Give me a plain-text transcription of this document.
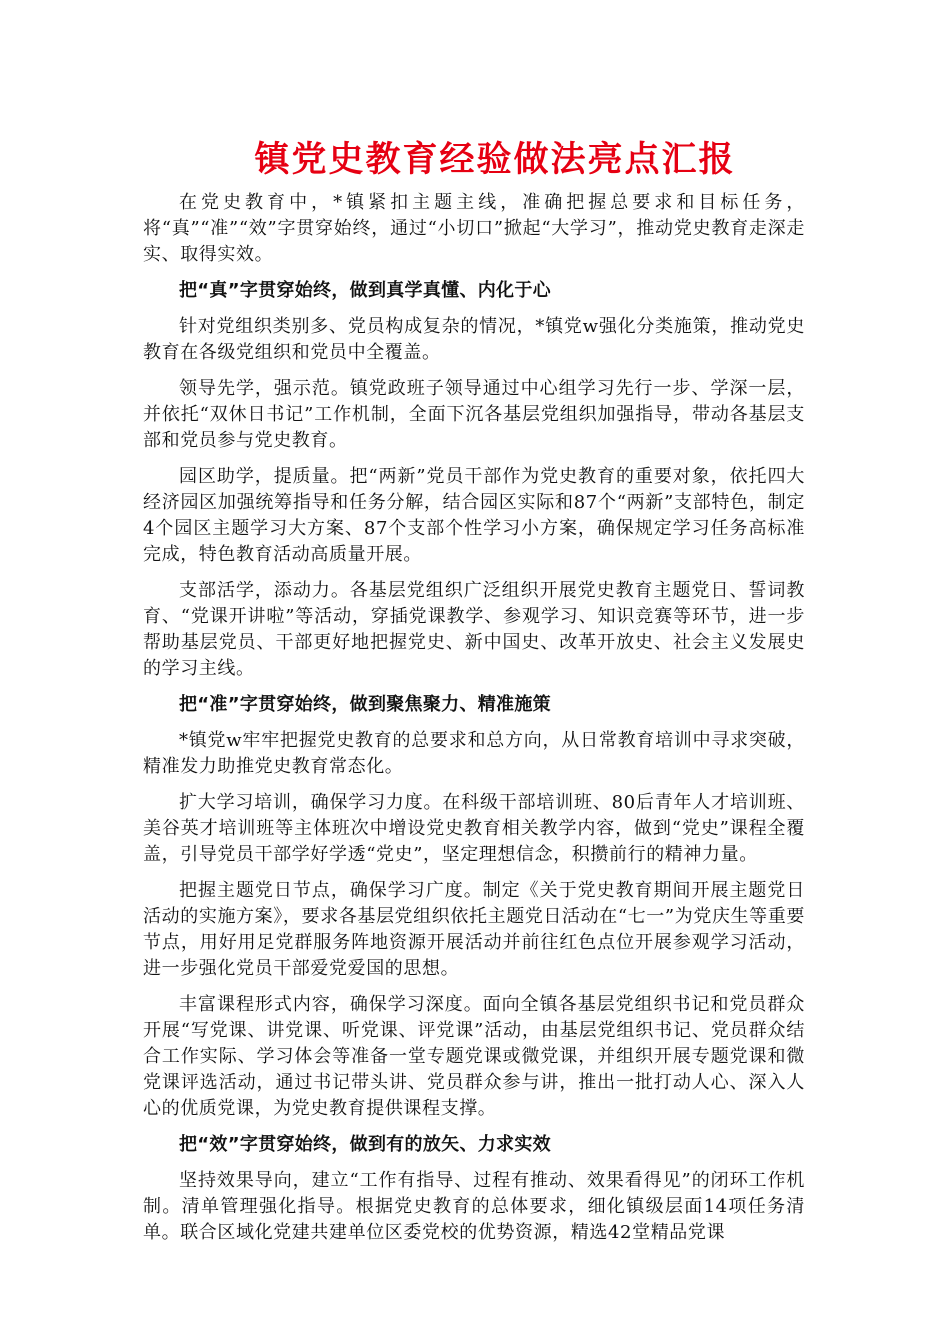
镇党史教育经验做法亮点汇报

在党史教育中，*镇紧扣主题主线，准确把握总要求和目标任务，将“真”“准”“效”字贯穿始终，通过“小切口”掀起“大学习”，推动党史教育走深走实、取得实效。

把“真”字贯穿始终，做到真学真懂、内化于心

针对党组织类别多、党员构成复杂的情况，*镇党w强化分类施策，推动党史教育在各级党组织和党员中全覆盖。

领导先学，强示范。镇党政班子领导通过中心组学习先行一步、学深一层，并依托“双休日书记”工作机制，全面下沉各基层党组织加强指导，带动各基层支部和党员参与党史教育。

园区助学，提质量。把“两新”党员干部作为党史教育的重要对象，依托四大经济园区加强统筹指导和任务分解，结合园区实际和87个“两新”支部特色，制定4个园区主题学习大方案、87个支部个性学习小方案，确保规定学习任务高标准完成，特色教育活动高质量开展。

支部活学，添动力。各基层党组织广泛组织开展党史教育主题党日、誓词教育、“党课开讲啦”等活动，穿插党课教学、参观学习、知识竞赛等环节，进一步帮助基层党员、干部更好地把握党史、新中国史、改革开放史、社会主义发展史的学习主线。

把“准”字贯穿始终，做到聚焦聚力、精准施策

*镇党w牢牢把握党史教育的总要求和总方向，从日常教育培训中寻求突破，精准发力助推党史教育常态化。

扩大学习培训，确保学习力度。在科级干部培训班、80后青年人才培训班、美谷英才培训班等主体班次中增设党史教育相关教学内容，做到“党史”课程全覆盖，引导党员干部学好学透“党史”，坚定理想信念，积攒前行的精神力量。

把握主题党日节点，确保学习广度。制定《关于党史教育期间开展主题党日活动的实施方案》，要求各基层党组织依托主题党日活动在“七一”为党庆生等重要节点，用好用足党群服务阵地资源开展活动并前往红色点位开展参观学习活动，进一步强化党员干部爱党爱国的思想。

丰富课程形式内容，确保学习深度。面向全镇各基层党组织书记和党员群众开展“写党课、讲党课、听党课、评党课”活动，由基层党组织书记、党员群众结合工作实际、学习体会等准备一堂专题党课或微党课，并组织开展专题党课和微党课评选活动，通过书记带头讲、党员群众参与讲，推出一批打动人心、深入人心的优质党课，为党史教育提供课程支撑。

把“效”字贯穿始终，做到有的放矢、力求实效

坚持效果导向，建立“工作有指导、过程有推动、效果看得见”的闭环工作机制。清单管理强化指导。根据党史教育的总体要求，细化镇级层面14项任务清单。联合区域化党建共建单位区委党校的优势资源，精选42堂精品党课
